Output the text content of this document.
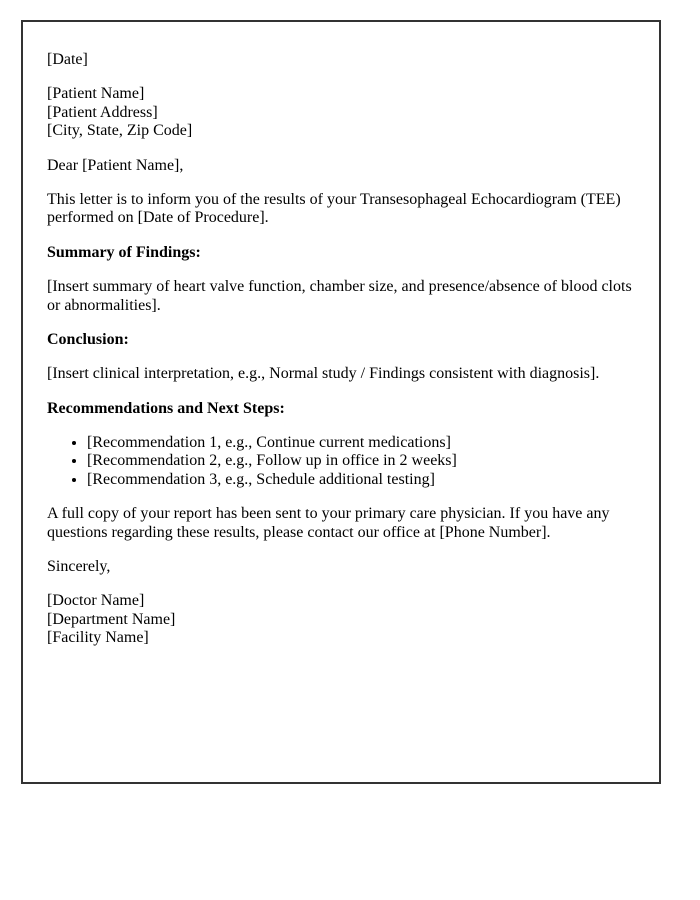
[Date]

[Patient Name]
[Patient Address]
[City, State, Zip Code]

Dear [Patient Name],

This letter is to inform you of the results of your Transesophageal Echocardiogram (TEE) performed on [Date of Procedure].

Summary of Findings:

[Insert summary of heart valve function, chamber size, and presence/absence of blood clots or abnormalities].

Conclusion:

[Insert clinical interpretation, e.g., Normal study / Findings consistent with diagnosis].

Recommendations and Next Steps:

• [Recommendation 1, e.g., Continue current medications]
• [Recommendation 2, e.g., Follow up in office in 2 weeks]
• [Recommendation 3, e.g., Schedule additional testing]

A full copy of your report has been sent to your primary care physician. If you have any questions regarding these results, please contact our office at [Phone Number].

Sincerely,

[Doctor Name]
[Department Name]
[Facility Name]
